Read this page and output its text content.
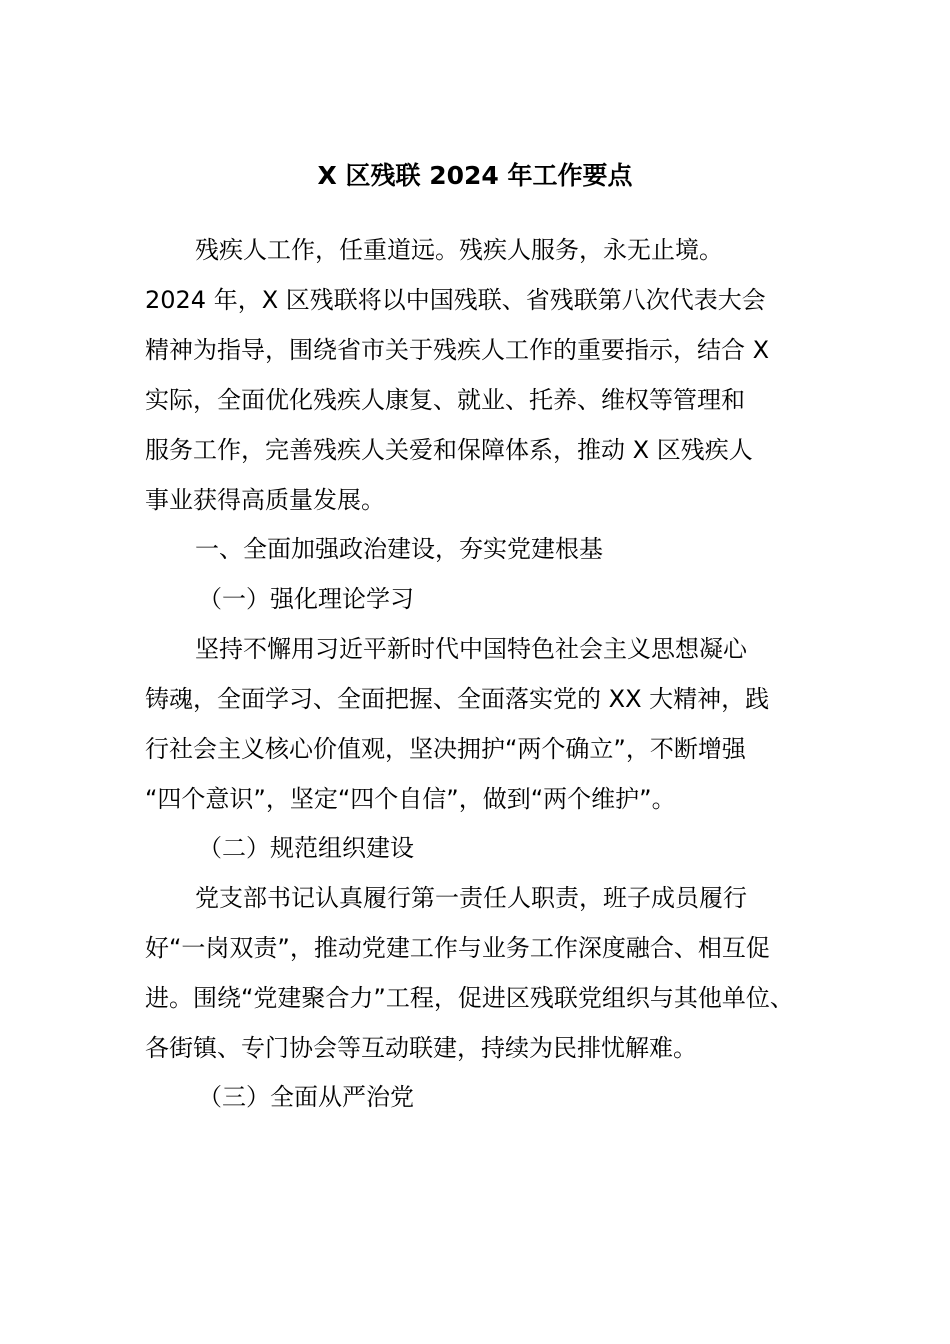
X 区残联 2024 年工作要点
残疾人工作，任重道远。残疾人服务，永无止境。
2024 年，X 区残联将以中国残联、省残联第八次代表大会
精神为指导，围绕省市关于残疾人工作的重要指示，结合 X
实际，全面优化残疾人康复、就业、托养、维权等管理和
服务工作，完善残疾人关爱和保障体系，推动 X 区残疾人
事业获得高质量发展。
一、全面加强政治建设，夯实党建根基
（一）强化理论学习
坚持不懈用习近平新时代中国特色社会主义思想凝心
铸魂，全面学习、全面把握、全面落实党的 XX 大精神，践
行社会主义核心价值观，坚决拥护“两个确立”，不断增强
“四个意识”，坚定“四个自信”，做到“两个维护”。
（二）规范组织建设
党支部书记认真履行第一责任人职责，班子成员履行
好“一岗双责”，推动党建工作与业务工作深度融合、相互促
进。围绕“党建聚合力”工程，促进区残联党组织与其他单位、
各街镇、专门协会等互动联建，持续为民排忧解难。
（三）全面从严治党
